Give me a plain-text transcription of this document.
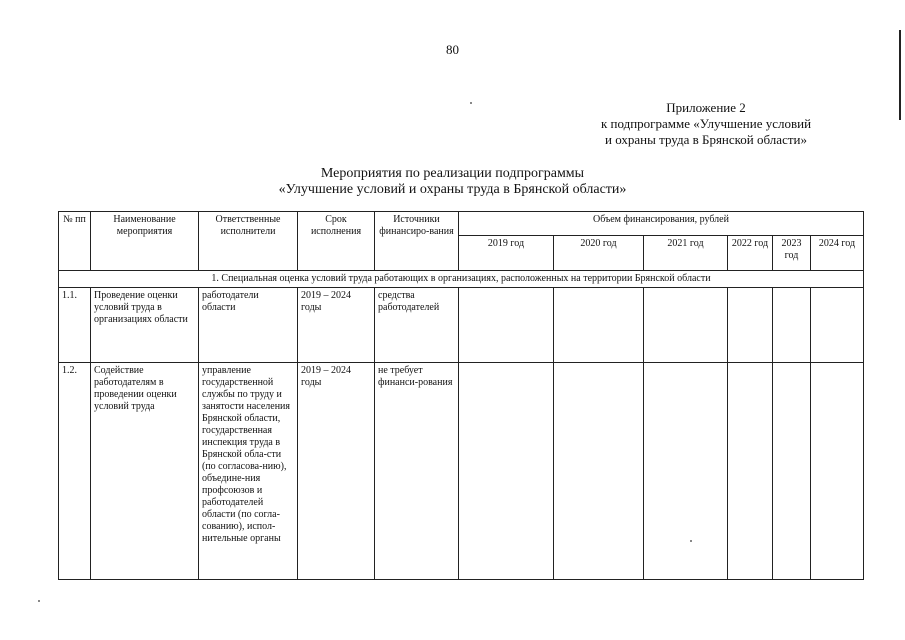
80
Приложение 2
к подпрограмме «Улучшение условий
и охраны труда в Брянской области»
Мероприятия по реализации подпрограммы
«Улучшение условий и охраны труда в Брянской области»
№ пп	Наименование мероприятия	Ответственные исполнители	Срок исполнения	Источники финансиро-вания	Объем финансирования, рублей					
					2019 год	2020 год	2021 год	2022 год	2023 год	2024 год
1. Специальная оценка условий труда работающих в организациях, расположенных на территории Брянской области										
1.1.	Проведение оценки условий труда в организациях области	работодатели области	2019 – 2024 годы	средства работодателей						
1.2.	Содействие работодателям в проведении оценки условий труда	управление государственной службы по труду и занятости населения Брянской области, государственная инспекция труда в Брянской обла-сти (по согласова-нию), объедине-ния профсоюзов и работодателей области (по согла-сованию), испол-нительные органы	2019 – 2024 годы	не требует финанси-рования						
